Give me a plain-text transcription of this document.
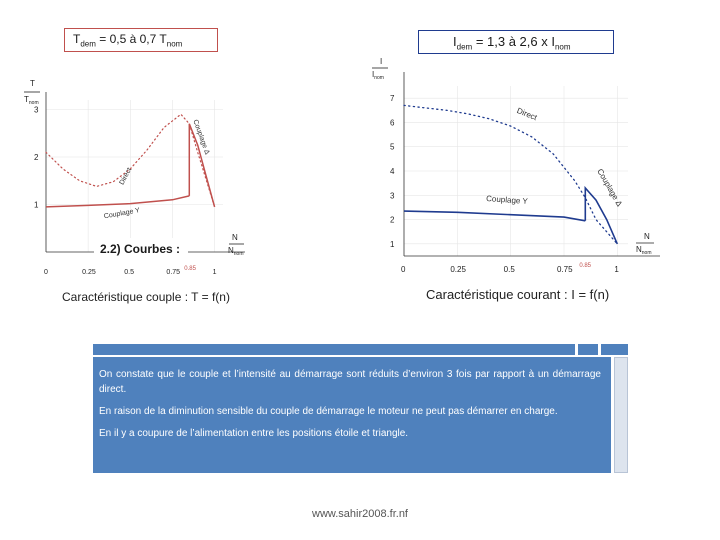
$T_{dem} = 0,5$ à 0,7 $T_{nom}$
3
2
1
0	0.25	0.5	0.75	1
0.85
T
$T_{nom}$
N
$N_{nom}$
Direct
Couplage Δ
Couplage Y
2.2) Courbes :
Caractéristique couple : T = f(n)
$I_{dem} = 1,3$ à 2,6 x $I_{nom}$
7
6
5
4
3
2
1
0	0.25	0.5	0.75	1
0.85
I
$I_{nom}$
N
$N_{nom}$
Direct
Couplage Δ
Couplage Y
Caractéristique courant : I = f(n)

On constate que le couple et l’intensité au démarrage sont réduits d’environ 3 fois par rapport à un démarrage direct.

En raison de la diminution sensible du couple de démarrage le moteur ne peut pas démarrer en charge.

En il y a coupure de l’alimentation entre les positions étoile et triangle.

www.sahir2008.fr.nf
